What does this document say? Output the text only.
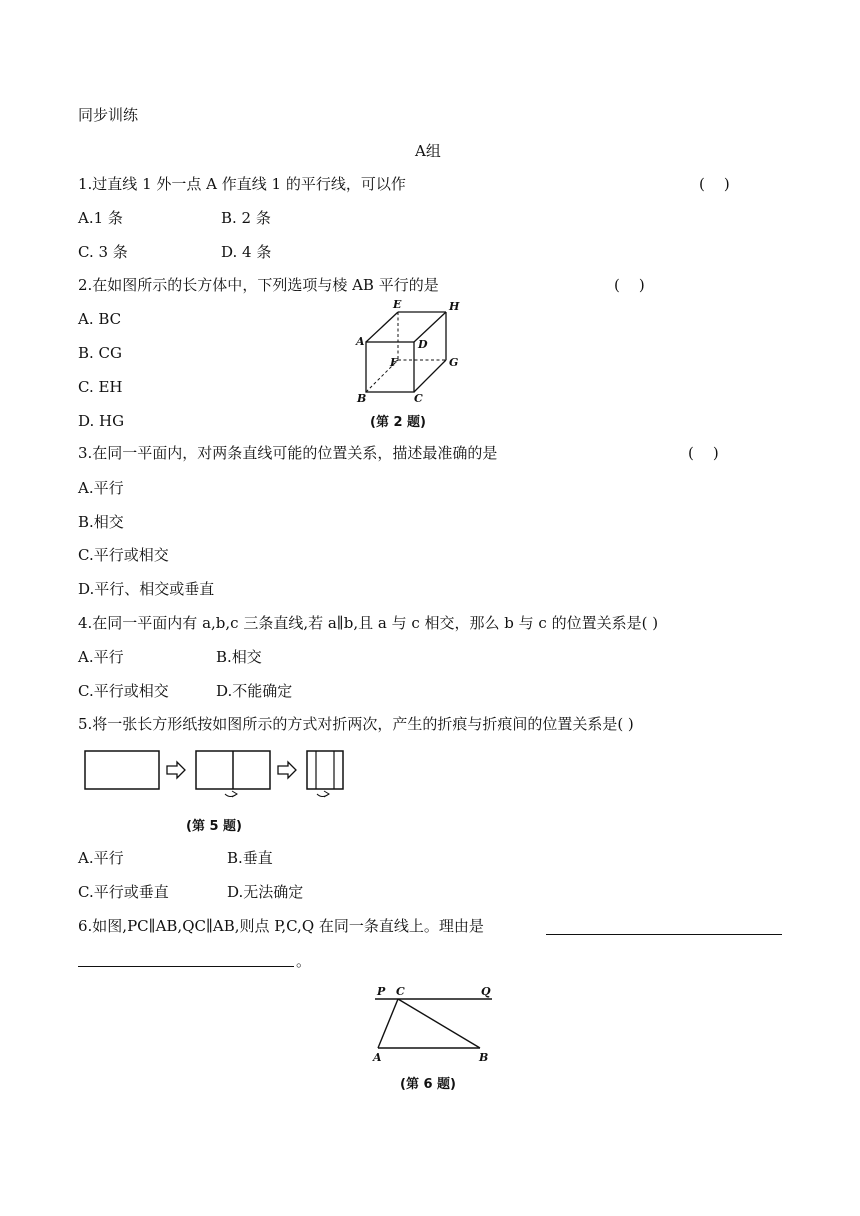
同步训练
A组
1.过直线 1 外一点 A 作直线 1 的平行线，可以作	(    )
A.1 条	B. 2 条
C. 3 条	D. 4 条
2.在如图所示的长方体中，下列选项与棱 AB 平行的是	(    )
A. BC
B. CG
C. EH
D. HG
E	H
A	D
F	G
B	C
(第 2 题)
3.在同一平面内，对两条直线可能的位置关系，描述最准确的是	(    )
A.平行
B.相交
C.平行或相交
D.平行、相交或垂直
4.在同一平面内有 a,b,c 三条直线,若 a∥b,且 a 与 c 相交，那么 b 与 c 的位置关系是( )
A.平行	B.相交
C.平行或相交	D.不能确定
5.将一张长方形纸按如图所示的方式对折两次，产生的折痕与折痕间的位置关系是( )
(第 5 题)
A.平行	B.垂直
C.平行或垂直	D.无法确定
6.如图,PC∥AB,QC∥AB,则点 P,C,Q 在同一条直线上。理由是
。
P C	Q
A	B
(第 6 题)
